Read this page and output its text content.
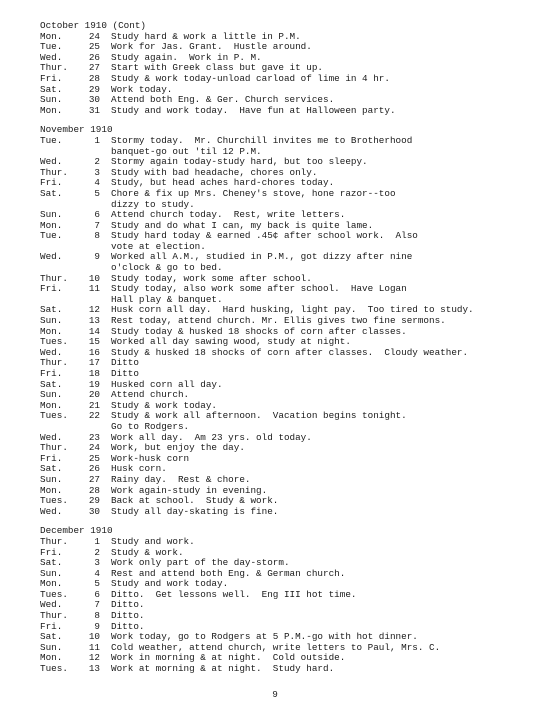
October 1910 (Cont)
Mon.	24 Study hard & work a little in P.M.
Tue.	25 Work for Jas. Grant.  Hustle around.
Wed.	26 Study again.  Work in P. M.
Thur.	27 Start with Greek class but gave it up.
Fri.	28 Study & work today-unload carload of lime in 4 hr.
Sat.	29 Work today.
Sun.	30 Attend both Eng. & Ger. Church services.
Mon.	31 Study and work today.  Have fun at Halloween party.
November 1910
Tue.	1 Stormy today.  Mr. Churchill invites me to Brotherhood
banquet-go out 'til 12 P.M.
Wed.	2 Stormy again today-study hard, but too sleepy.
Thur.	3 Study with bad headache, chores only.
Fri.	4 Study, but head aches hard-chores today.
Sat.	5 Chore & fix up Mrs. Cheney's stove, hone razor--too
dizzy to study.
Sun.	6 Attend church today.  Rest, write letters.
Mon.	7 Study and do what I can, my back is quite lame.
Tue.	8 Study hard today & earned .45¢ after school work.  Also
vote at election.
Wed.	9 Worked all A.M., studied in P.M., got dizzy after nine
o'clock & go to bed.
Thur.	10 Study today, work some after school.
Fri.	11 Study today, also work some after school.  Have Logan
Hall play & banquet.
Sat.	12 Husk corn all day.  Hard husking, light pay.  Too tired to study.
Sun.	13 Rest today, attend church. Mr. Ellis gives two fine sermons.
Mon.	14 Study today & husked 18 shocks of corn after classes.
Tues.	15 Worked all day sawing wood, study at night.
Wed.	16 Study & husked 18 shocks of corn after classes.  Cloudy weather.
Thur.	17 Ditto
Fri.	18 Ditto
Sat.	19 Husked corn all day.
Sun.	20 Attend church.
Mon.	21 Study & work today.
Tues.	22 Study & work all afternoon.  Vacation begins tonight.
Go to Rodgers.
Wed.	23 Work all day.  Am 23 yrs. old today.
Thur.	24 Work, but enjoy the day.
Fri.	25 Work-husk corn
Sat.	26 Husk corn.
Sun.	27 Rainy day.  Rest & chore.
Mon.	28 Work again-study in evening.
Tues.	29 Back at school.  Study & work.
Wed.	30 Study all day-skating is fine.
December 1910
Thur.	1 Study and work.
Fri.	2 Study & work.
Sat.	3 Work only part of the day-storm.
Sun.	4 Rest and attend both Eng. & German church.
Mon.	5 Study and work today.
Tues.	6 Ditto.  Get lessons well.  Eng III hot time.
Wed.	7 Ditto.
Thur.	8 Ditto.
Fri.	9 Ditto.
Sat.	10 Work today, go to Rodgers at 5 P.M.-go with hot dinner.
Sun.	11 Cold weather, attend church, write letters to Paul, Mrs. C.
Mon.	12 Work in morning & at night.  Cold outside.
Tues.	13 Work at morning & at night.  Study hard.
9
